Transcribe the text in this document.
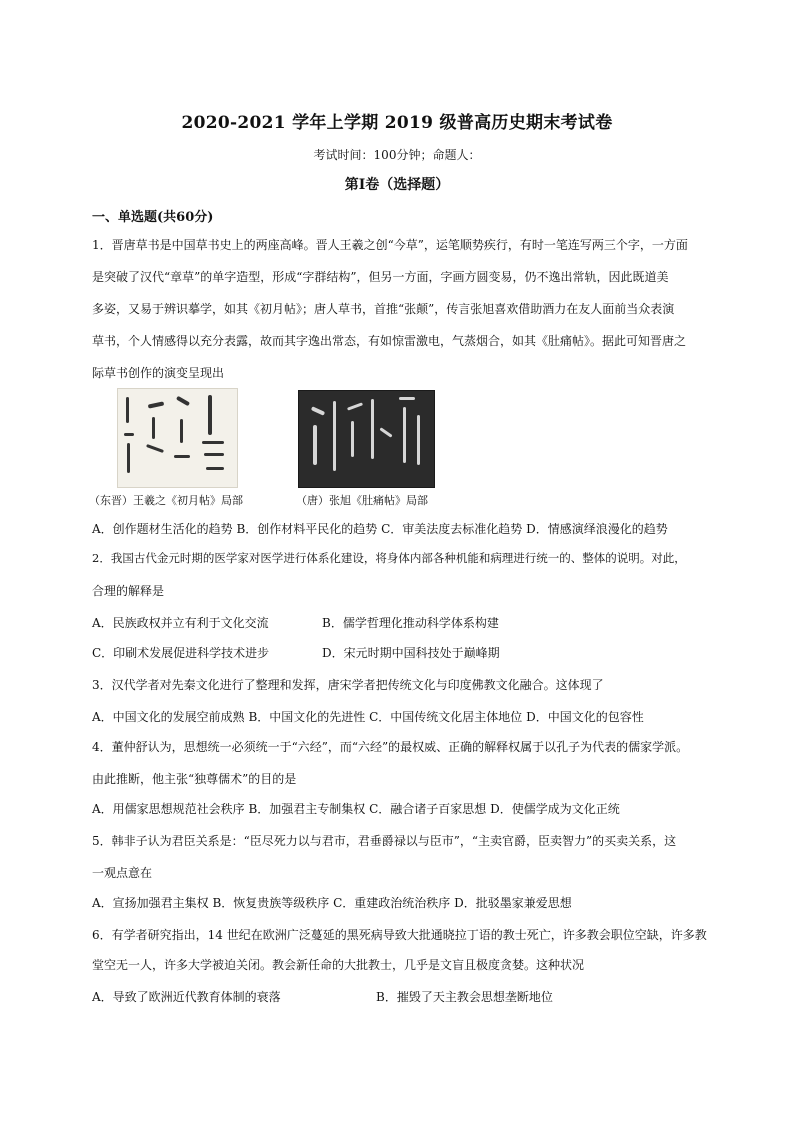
2020-2021 学年上学期 2019 级普高历史期末考试卷
考试时间：100分钟；命题人：
第Ⅰ卷（选择题）
一、单选题(共60分)
1．晋唐草书是中国草书史上的两座高峰。晋人王羲之创“今草”，运笔顺势疾行，有时一笔连写两三个字，一方面
是突破了汉代“章草”的单字造型，形成“字群结构”，但另一方面，字画方圆变易，仍不逸出常轨，因此既道美
多姿，又易于辨识摹学，如其《初月帖》；唐人草书，首推“张颠”，传言张旭喜欢借助酒力在友人面前当众表演
草书，个人情感得以充分表露，故而其字逸出常态，有如惊雷激电，气蒸烟合，如其《肚痛帖》。据此可知晋唐之
际草书创作的演变呈现出
（东晋）王羲之《初月帖》局部	（唐）张旭《肚痛帖》局部
A．创作题材生活化的趋势 B．创作材料平民化的趋势 C．审美法度去标准化趋势 D．情感演绎浪漫化的趋势
2．我国古代金元时期的医学家对医学进行体系化建设，将身体内部各种机能和病理进行统一的、整体的说明。对此，
合理的解释是
A．民族政权并立有利于文化交流	B．儒学哲理化推动科学体系构建
C．印刷术发展促进科学技术进步	D．宋元时期中国科技处于巅峰期
3．汉代学者对先秦文化进行了整理和发挥，唐宋学者把传统文化与印度佛教文化融合。这体现了
A．中国文化的发展空前成熟 B．中国文化的先进性 C．中国传统文化居主体地位 D．中国文化的包容性
4．董仲舒认为，思想统一必须统一于“六经”，而“六经”的最权威、正确的解释权属于以孔子为代表的儒家学派。
由此推断，他主张“独尊儒术”的目的是
A．用儒家思想规范社会秩序 B．加强君主专制集权 C．融合诸子百家思想 D．使儒学成为文化正统
5．韩非子认为君臣关系是：“臣尽死力以与君市，君垂爵禄以与臣市”，“主卖官爵，臣卖智力”的买卖关系，这
一观点意在
A．宣扬加强君主集权 B．恢复贵族等级秩序 C．重建政治统治秩序 D．批驳墨家兼爱思想
6．有学者研究指出，14 世纪在欧洲广泛蔓延的黑死病导致大批通晓拉丁语的教士死亡，许多教会职位空缺，许多教
堂空无一人，许多大学被迫关闭。教会新任命的大批教士，几乎是文盲且极度贪婪。这种状况
A．导致了欧洲近代教育体制的衰落	B．摧毁了天主教会思想垄断地位
